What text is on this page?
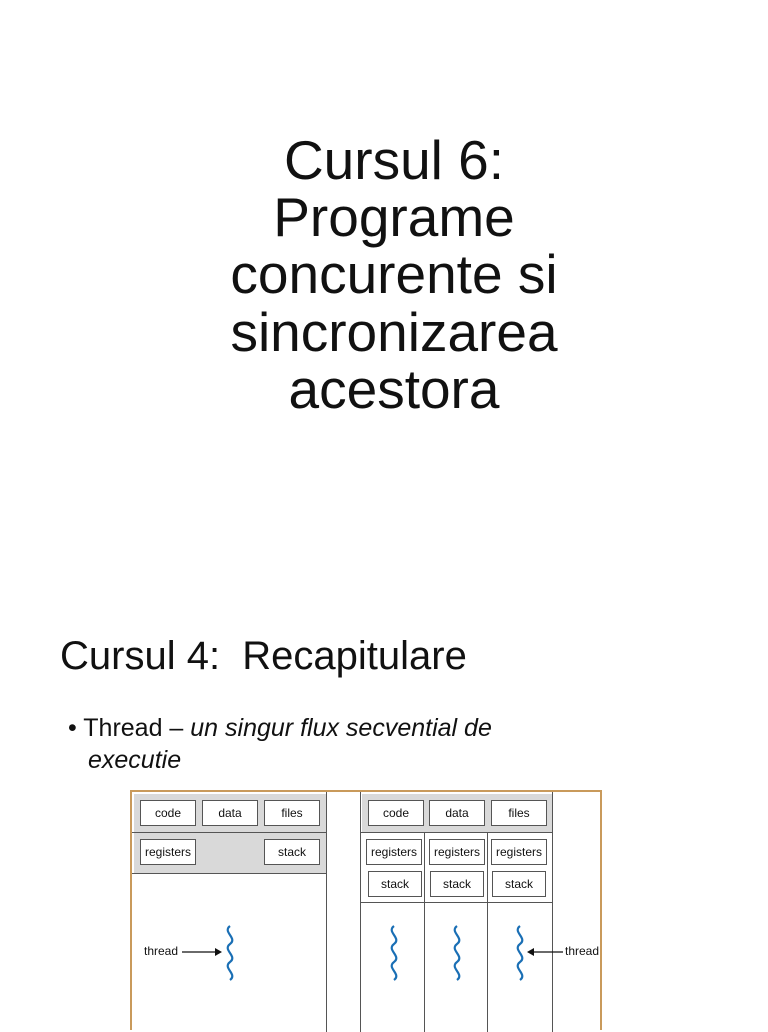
Cursul 6:
Programe
concurente si
sincronizarea
acestora
Cursul 4:  Recapitulare
• Thread – un singur flux secvential de
executie
code	data	files
registers	stack
thread
code	data	files
registers	registers	registers
stack	stack	stack
thread
